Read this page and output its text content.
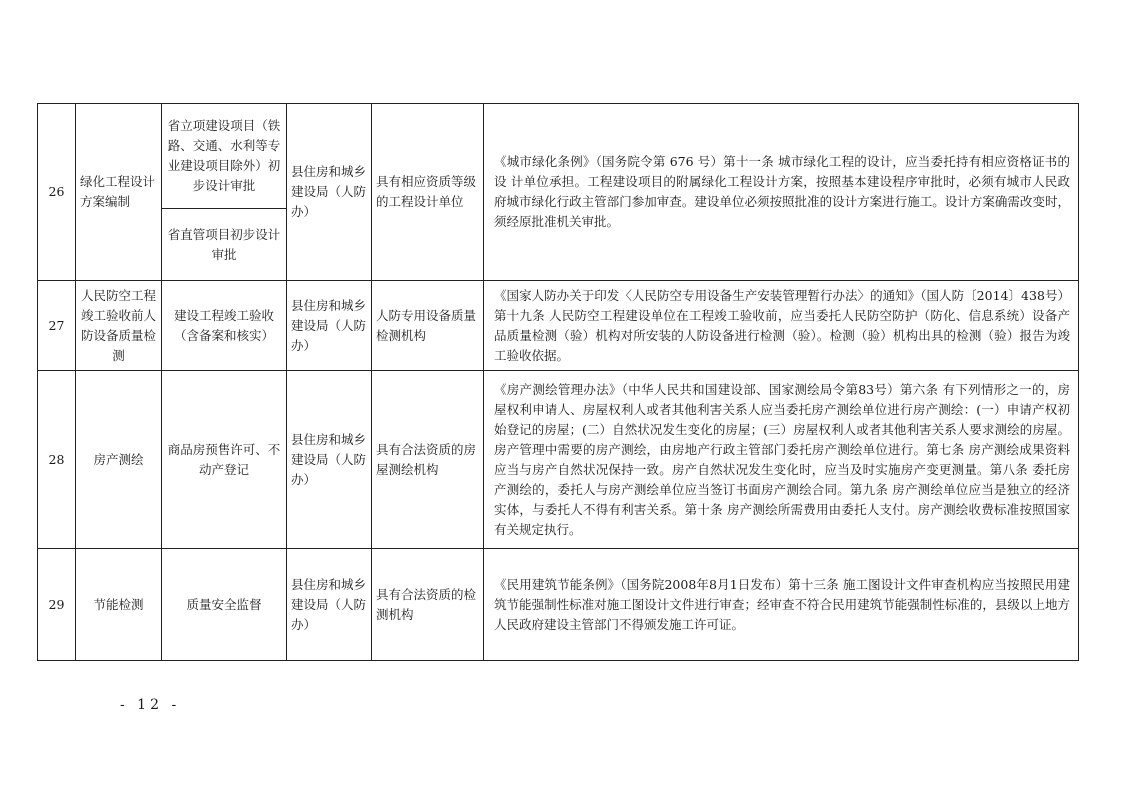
26	绿化工程设计方案编制	省立项建设项目（铁路、交通、水利等专业建设项目除外）初步设计审批	县住房和城乡建设局（人防办）	具有相应资质等级的工程设计单位	《城市绿化条例》（国务院令第 676 号）第十一条 城市绿化工程的设计，应当委托持有相应资格证书的设 计单位承担。工程建设项目的附属绿化工程设计方案，按照基本建设程序审批时，必须有城市人民政府城市绿化行政主管部门参加审查。建设单位必须按照批准的设计方案进行施工。设计方案确需改变时，须经原批准机关审批。

		省直管项目初步设计审批			

27	人民防空工程竣工验收前人防设备质量检测	建设工程竣工验收（含备案和核实）	县住房和城乡建设局（人防办）	人防专用设备质量检测机构	《国家人防办关于印发〈人民防空专用设备生产安装管理暂行办法〉的通知》（国人防〔2014〕438号）第十九条 人民防空工程建设单位在工程竣工验收前，应当委托人民防空防护（防化、信息系统）设备产品质量检测（验）机构对所安装的人防设备进行检测（验）。检测（验）机构出具的检测（验）报告为竣工验收依据。

28	房产测绘	商品房预售许可、不动产登记	县住房和城乡建设局（人防办）	具有合法资质的房屋测绘机构	《房产测绘管理办法》（中华人民共和国建设部、国家测绘局令第83号）第六条 有下列情形之一的，房屋权利申请人、房屋权利人或者其他利害关系人应当委托房产测绘单位进行房产测绘：(一）申请产权初始登记的房屋；(二）自然状况发生变化的房屋；(三）房屋权利人或者其他利害关系人要求测绘的房屋。房产管理中需要的房产测绘，由房地产行政主管部门委托房产测绘单位进行。第七条 房产测绘成果资料应当与房产自然状况保持一致。房产自然状况发生变化时，应当及时实施房产变更测量。第八条 委托房产测绘的，委托人与房产测绘单位应当签订书面房产测绘合同。第九条 房产测绘单位应当是独立的经济实体，与委托人不得有利害关系。第十条 房产测绘所需费用由委托人支付。房产测绘收费标准按照国家有关规定执行。

29	节能检测	质量安全监督	县住房和城乡建设局（人防办）	具有合法资质的检测机构	《民用建筑节能条例》（国务院2008年8月1日发布）第十三条 施工图设计文件审查机构应当按照民用建筑节能强制性标准对施工图设计文件进行审查；经审查不符合民用建筑节能强制性标准的，县级以上地方人民政府建设主管部门不得颁发施工许可证。
- 12 -
